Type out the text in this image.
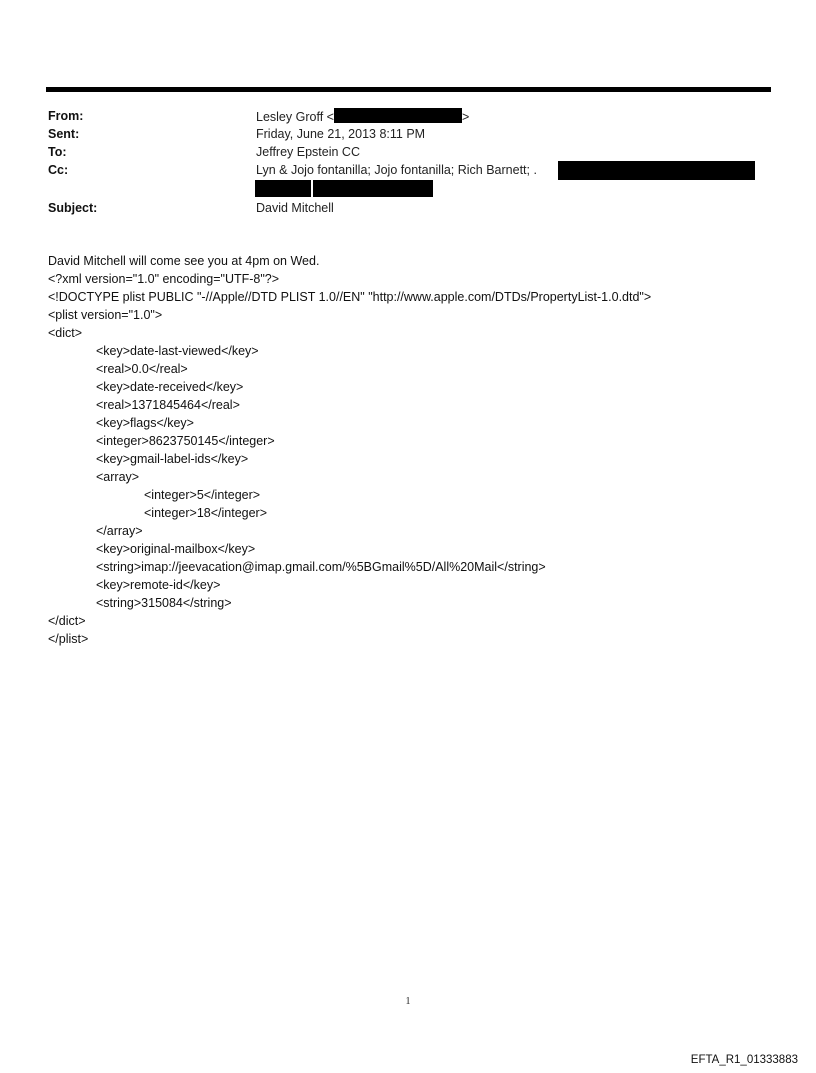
From:	Lesley Groff <	>
Sent:	Friday, June 21, 2013 8:11 PM
To:	Jeffrey Epstein CC
Cc:	Lyn & Jojo fontanilla; Jojo fontanilla; Rich Barnett; .
Subject:	David Mitchell
David Mitchell will come see you at 4pm on Wed.
<?xml version="1.0" encoding="UTF-8"?>
<!DOCTYPE plist PUBLIC "-//Apple//DTD PLIST 1.0//EN" "http://www.apple.com/DTDs/PropertyList-1.0.dtd">
<plist version="1.0">
<dict>
<key>date-last-viewed</key>
<real>0.0</real>
<key>date-received</key>
<real>1371845464</real>
<key>flags</key>
<integer>8623750145</integer>
<key>gmail-label-ids</key>
<array>
<integer>5</integer>
<integer>18</integer>
</array>
<key>original-mailbox</key>
<string>imap://jeevacation@imap.gmail.com/%5BGmail%5D/All%20Mail</string>
<key>remote-id</key>
<string>315084</string>
</dict>
</plist>
1
EFTA_R1_01333883
